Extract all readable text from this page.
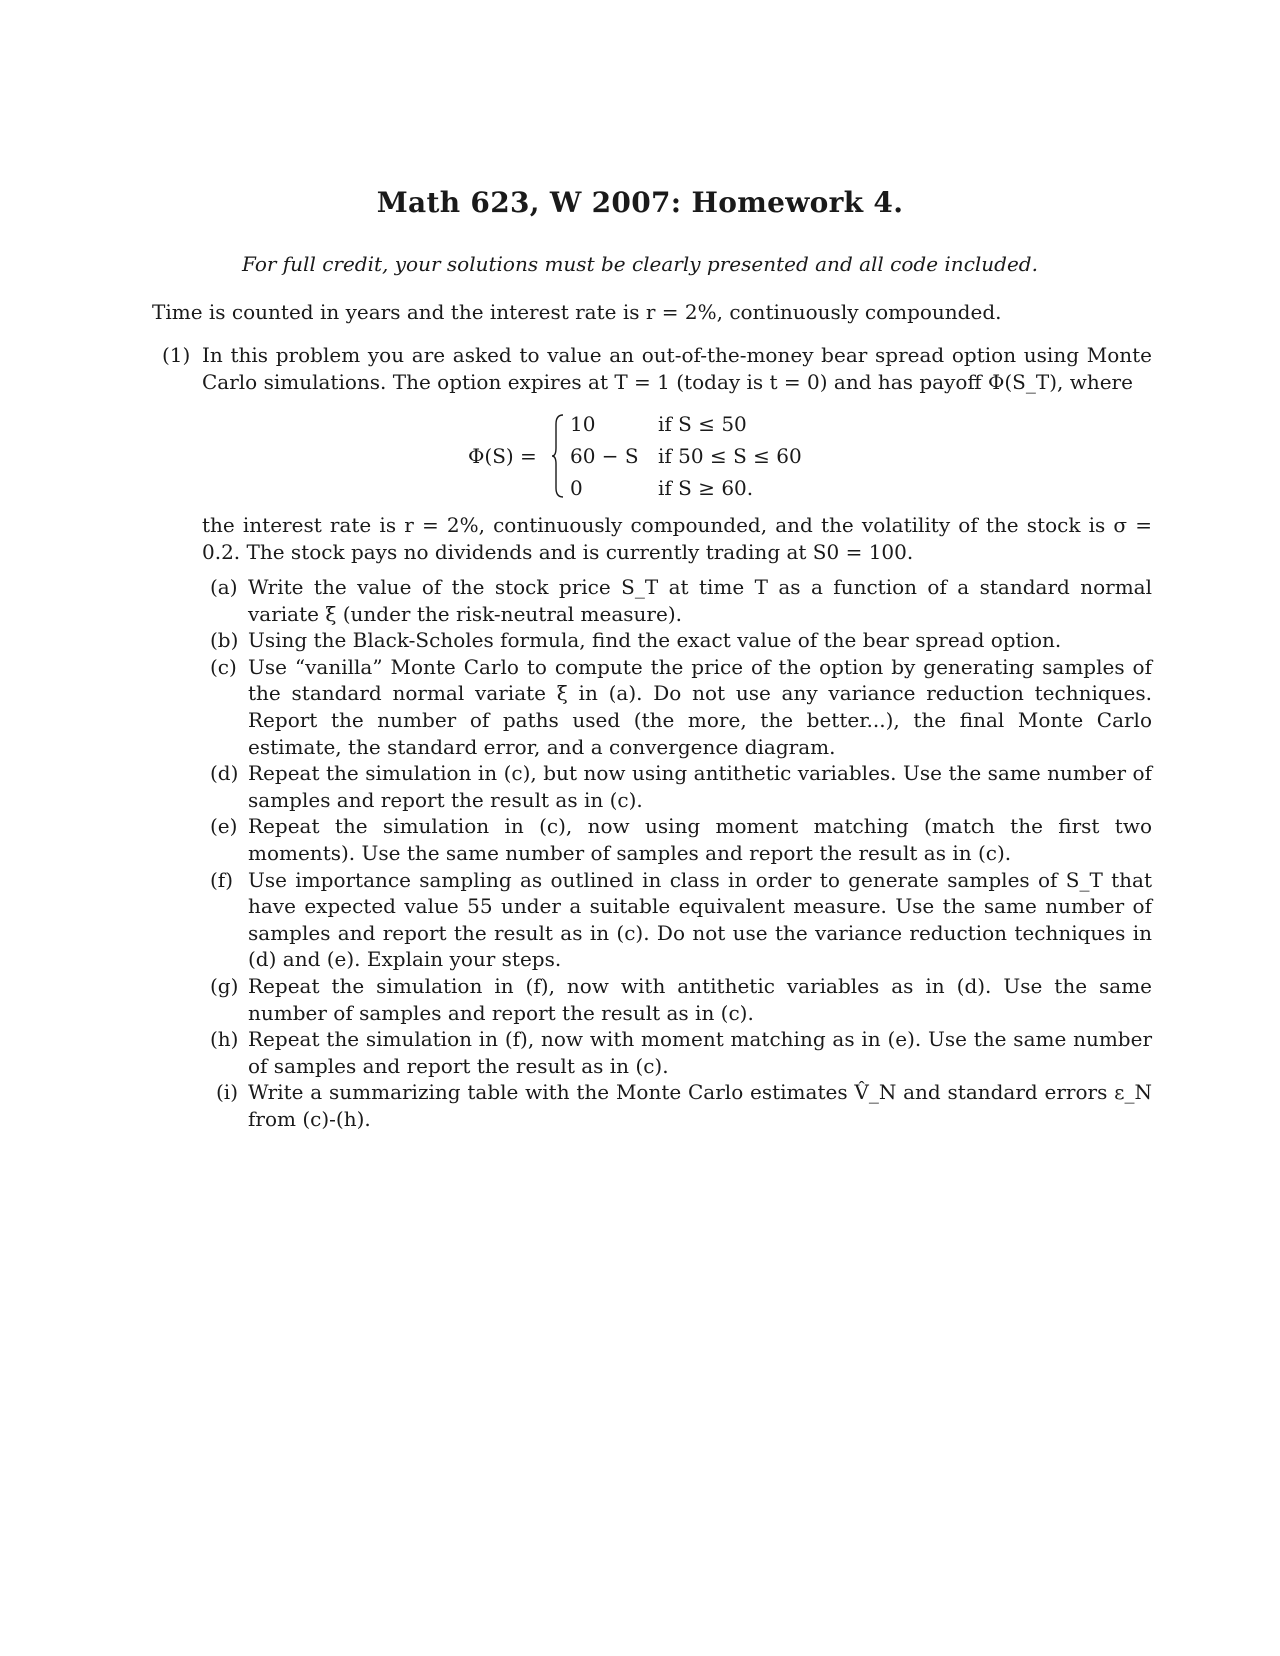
Math 623, W 2007: Homework 4.
For full credit, your solutions must be clearly presented and all code included.
Time is counted in years and the interest rate is r = 2%, continuously compounded.
(1) In this problem you are asked to value an out-of-the-money bear spread option using Monte Carlo simulations. The option expires at T = 1 (today is t = 0) and has payoff Φ(S_T), where
Φ(S) =
10	if S ≤ 50
60 − S if 50 ≤ S ≤ 60
0	if S ≥ 60.
the interest rate is r = 2%, continuously compounded, and the volatility of the stock is σ = 0.2. The stock pays no dividends and is currently trading at S0 = 100.
(a) Write the value of the stock price S_T at time T as a function of a standard normal variate ξ (under the risk-neutral measure).
(b) Using the Black-Scholes formula, find the exact value of the bear spread option.
(c) Use “vanilla” Monte Carlo to compute the price of the option by generating samples of the standard normal variate ξ in (a). Do not use any variance reduction techniques. Report the number of paths used (the more, the better...), the final Monte Carlo estimate, the standard error, and a convergence diagram.
(d) Repeat the simulation in (c), but now using antithetic variables. Use the same number of samples and report the result as in (c).
(e) Repeat the simulation in (c), now using moment matching (match the first two moments). Use the same number of samples and report the result as in (c).
(f) Use importance sampling as outlined in class in order to generate samples of S_T that have expected value 55 under a suitable equivalent measure. Use the same number of samples and report the result as in (c). Do not use the variance reduction techniques in (d) and (e). Explain your steps.
(g) Repeat the simulation in (f), now with antithetic variables as in (d). Use the same number of samples and report the result as in (c).
(h) Repeat the simulation in (f), now with moment matching as in (e). Use the same number of samples and report the result as in (c).
(i) Write a summarizing table with the Monte Carlo estimates V̂_N and standard errors ε_N from (c)-(h).
